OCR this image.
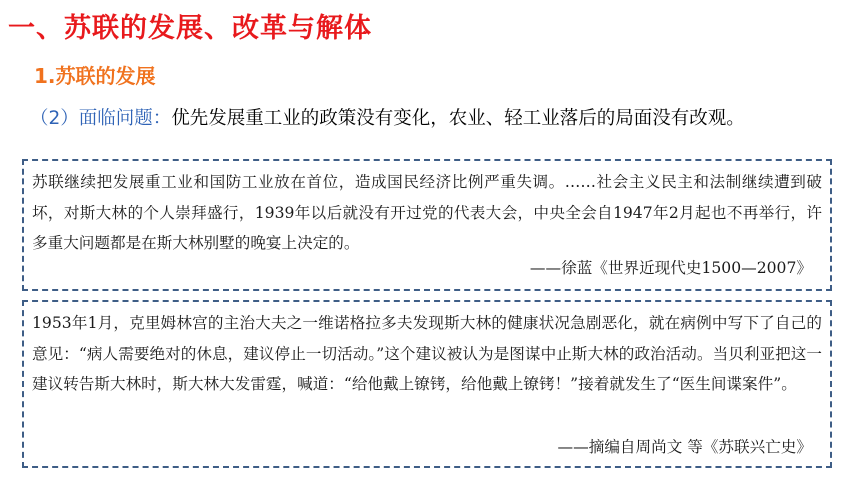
一、苏联的发展、改革与解体
1.苏联的发展
（2）面临问题：优先发展重工业的政策没有变化，农业、轻工业落后的局面没有改观。

苏联继续把发展重工业和国防工业放在首位，造成国民经济比例严重失调。……社会主义民主和法制继续遭到破坏，对斯大林的个人崇拜盛行，1939年以后就没有开过党的代表大会，中央全会自1947年2月起也不再举行，许多重大问题都是在斯大林别墅的晚宴上决定的。

——徐蓝《世界近现代史1500—2007》

1953年1月，克里姆林宫的主治大夫之一维诺格拉多夫发现斯大林的健康状况急剧恶化，就在病例中写下了自己的意见：“病人需要绝对的休息，建议停止一切活动。”这个建议被认为是图谋中止斯大林的政治活动。当贝利亚把这一建议转告斯大林时，斯大林大发雷霆，喊道：“给他戴上镣铐，给他戴上镣铐！”接着就发生了“医生间谍案件”。

——摘编自周尚文 等《苏联兴亡史》
